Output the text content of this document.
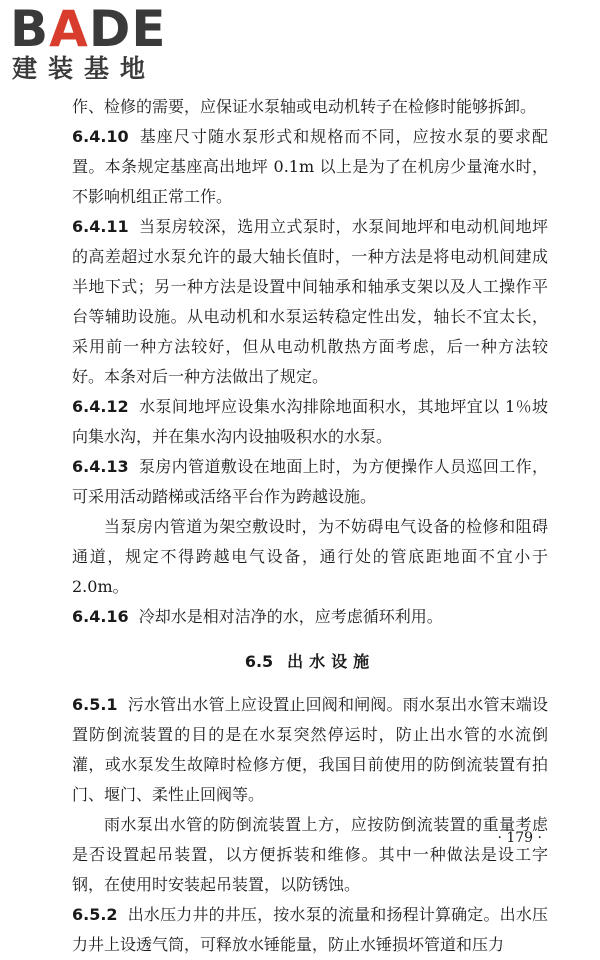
BADE
建装基地

作、检修的需要，应保证水泵轴或电动机转子在检修时能够拆卸。

6.4.10 基座尺寸随水泵形式和规格而不同，应按水泵的要求配置。本条规定基座高出地坪 0.1m 以上是为了在机房少量淹水时，不影响机组正常工作。

6.4.11 当泵房较深，选用立式泵时，水泵间地坪和电动机间地坪的高差超过水泵允许的最大轴长值时，一种方法是将电动机间建成半地下式；另一种方法是设置中间轴承和轴承支架以及人工操作平台等辅助设施。从电动机和水泵运转稳定性出发，轴长不宜太长，采用前一种方法较好，但从电动机散热方面考虑，后一种方法较好。本条对后一种方法做出了规定。

6.4.12 水泵间地坪应设集水沟排除地面积水，其地坪宜以 1％坡向集水沟，并在集水沟内设抽吸积水的水泵。

6.4.13 泵房内管道敷设在地面上时，为方便操作人员巡回工作，可采用活动踏梯或活络平台作为跨越设施。

当泵房内管道为架空敷设时，为不妨碍电气设备的检修和阻碍通道，规定不得跨越电气设备，通行处的管底距地面不宜小于 2.0m。

6.4.16 冷却水是相对洁净的水，应考虑循环利用。

6.5 出水设施

6.5.1 污水管出水管上应设置止回阀和闸阀。雨水泵出水管末端设置防倒流装置的目的是在水泵突然停运时，防止出水管的水流倒灌，或水泵发生故障时检修方便，我国目前使用的防倒流装置有拍门、堰门、柔性止回阀等。

雨水泵出水管的防倒流装置上方，应按防倒流装置的重量考虑是否设置起吊装置，以方便拆装和维修。其中一种做法是设工字钢，在使用时安装起吊装置，以防锈蚀。

6.5.2 出水压力井的井压，按水泵的流量和扬程计算确定。出水压力井上设透气筒，可释放水锤能量，防止水锤损坏管道和压力

· 179 ·
